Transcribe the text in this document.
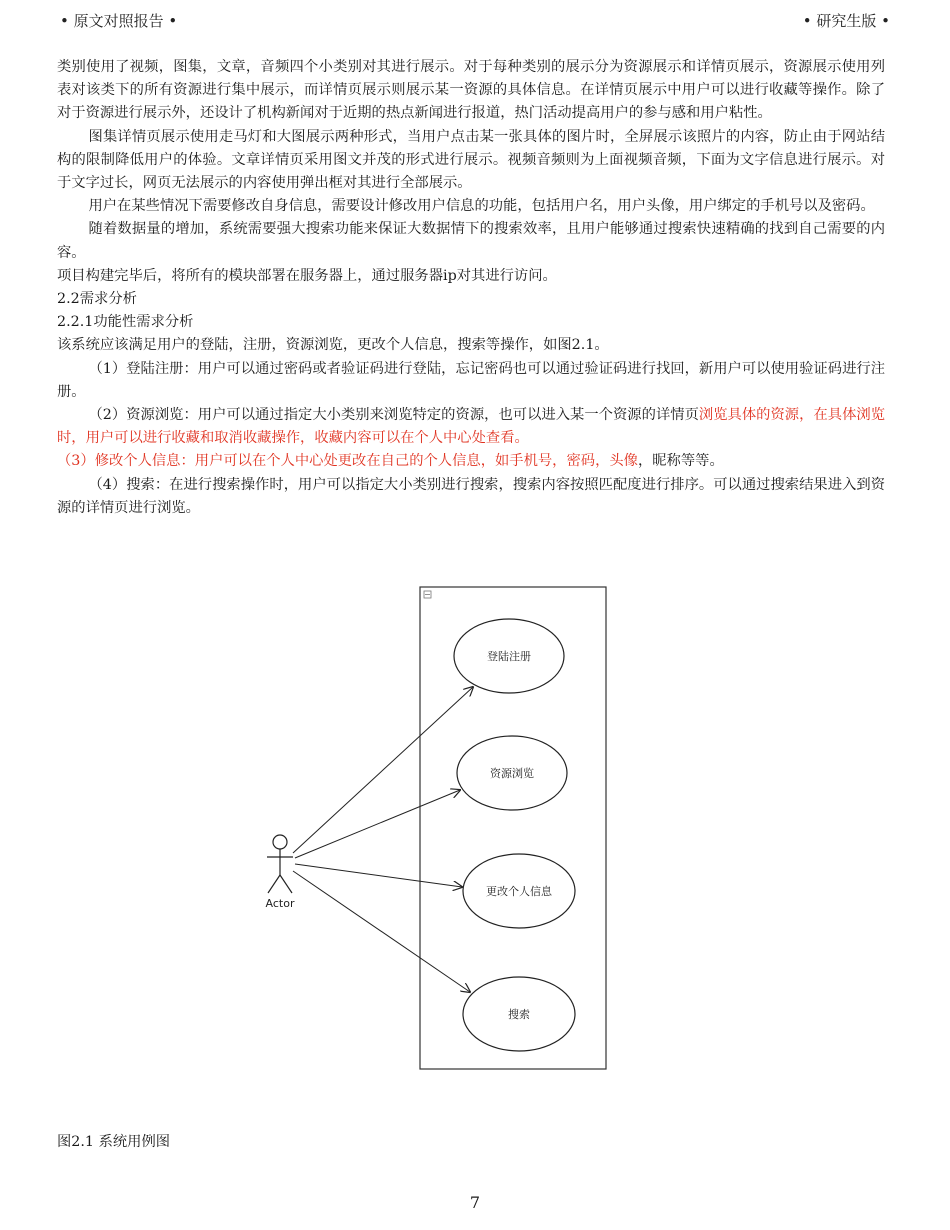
• 原文对照报告 •	• 研究生版 •

类别使用了视频，图集，文章，音频四个小类别对其进行展示。对于每种类别的展示分为资源展示和详情页展示，资源展示使用列表对该类下的所有资源进行集中展示，而详情页展示则展示某一资源的具体信息。在详情页展示中用户可以进行收藏等操作。除了对于资源进行展示外，还设计了机构新闻对于近期的热点新闻进行报道，热门活动提高用户的参与感和用户粘性。

图集详情页展示使用走马灯和大图展示两种形式，当用户点击某一张具体的图片时，全屏展示该照片的内容，防止由于网站结构的限制降低用户的体验。文章详情页采用图文并茂的形式进行展示。视频音频则为上面视频音频，下面为文字信息进行展示。对于文字过长，网页无法展示的内容使用弹出框对其进行全部展示。

用户在某些情况下需要修改自身信息，需要设计修改用户信息的功能，包括用户名，用户头像，用户绑定的手机号以及密码。

随着数据量的增加，系统需要强大搜索功能来保证大数据情下的搜索效率，且用户能够通过搜索快速精确的找到自己需要的内容。

项目构建完毕后，将所有的模块部署在服务器上，通过服务器ip对其进行访问。

2.2需求分析

2.2.1功能性需求分析

该系统应该满足用户的登陆，注册，资源浏览，更改个人信息，搜索等操作，如图2.1。

（1）登陆注册：用户可以通过密码或者验证码进行登陆，忘记密码也可以通过验证码进行找回，新用户可以使用验证码进行注册。

（2）资源浏览：用户可以通过指定大小类别来浏览特定的资源，也可以进入某一个资源的详情页浏览具体的资源，在具体浏览时，用户可以进行收藏和取消收藏操作，收藏内容可以在个人中心处查看。

（3）修改个人信息：用户可以在个人中心处更改在自己的个人信息，如手机号，密码，头像，昵称等等。

（4）搜索：在进行搜索操作时，用户可以指定大小类别进行搜索，搜索内容按照匹配度进行排序。可以通过搜索结果进入到资源的详情页进行浏览。

Actor
登陆注册
资源浏览
更改个人信息
搜索
图2.1 系统用例图
7
